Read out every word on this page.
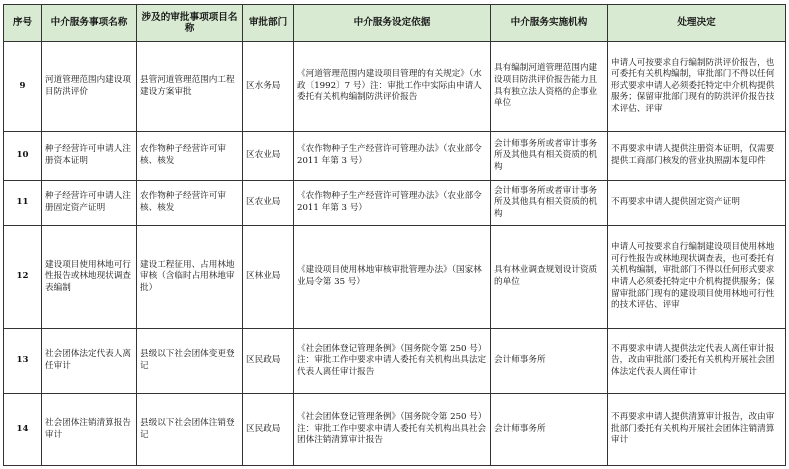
序号	中介服务事项名称	涉及的审批事项项目名称	审批部门	中介服务设定依据	中介服务实施机构	处理决定
9	河道管理范围内建设项目防洪评价	县管河道管理范围内工程建设方案审批	区水务局	《河道管理范围内建设项目管理的有关规定》（水政〔1992〕7 号）注：审批工作中实际由申请人委托有关机构编制防洪评价报告	具有编制河道管理范围内建设项目防洪评价报告能力且具有独立法人资格的企事业单位	申请人可按要求自行编制防洪评价报告，也可委托有关机构编制，审批部门不得以任何形式要求申请人必须委托特定中介机构提供服务；保留审批部门现有的防洪评价报告技术评估、评审
10	种子经营许可申请人注册资本证明	农作物种子经营许可审核、核发	区农业局	《农作物种子生产经营许可管理办法》（农业部令 2011 年第 3 号）	会计师事务所或者审计事务所及其他具有相关资质的机构	不再要求申请人提供注册资本证明，仅需要提供工商部门核发的营业执照副本复印件
11	种子经营许可申请人注册固定资产证明	农作物种子经营许可审核、核发	区农业局	《农作物种子生产经营许可管理办法》（农业部令 2011 年第 3 号）	会计师事务所或者审计事务所及其他具有相关资质的机构	不再要求申请人提供固定资产证明
12	建设项目使用林地可行性报告或林地现状调查表编制	建设工程征用、占用林地审核（含临时占用林地审批）	区林业局	《建设项目使用林地审核审批管理办法》（国家林业局令第 35 号）	具有林业调查规划设计资质的单位	申请人可按要求自行编制建设项目使用林地可行性报告或林地现状调查表，也可委托有关机构编制，审批部门不得以任何形式要求申请人必须委托特定中介机构提供服务；保留审批部门现有的建设项目使用林地可行性的技术评估、评审
13	社会团体法定代表人离任审计	县级以下社会团体变更登记	区民政局	《社会团体登记管理条例》（国务院令第 250 号）注：审批工作中要求申请人委托有关机构出具法定代表人离任审计报告	会计师事务所	不再要求申请人提供法定代表人离任审计报告，改由审批部门委托有关机构开展社会团体法定代表人离任审计
14	社会团体注销清算报告审计	县级以下社会团体注销登记	区民政局	《社会团体登记管理条例》（国务院令第 250 号）注：审批工作中要求申请人委托有关机构出具社会团体注销清算审计报告	会计师事务所	不再要求申请人提供清算审计报告，改由审批部门委托有关机构开展社会团体注销清算审计
